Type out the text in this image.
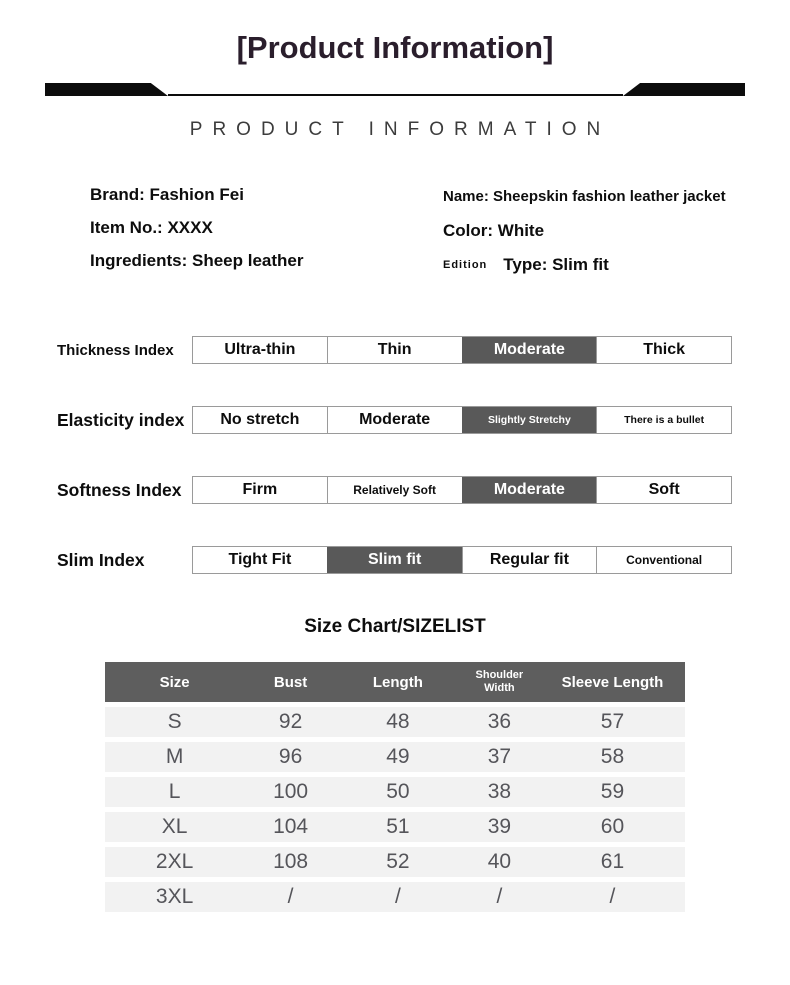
[Product Information]
PRODUCT INFORMATION

Brand: Fashion Fei

Item No.: XXXX

Ingredients: Sheep leather

Name: Sheepskin fashion leather jacket

Color: White

Edition Type: Slim fit

Thickness Index	Ultra-thin	Thin	Moderate	Thick
Elasticity index	No stretch	Moderate	Slightly Stretchy	There is a bullet
Softness Index	Firm	Relatively Soft	Moderate	Soft
Slim Index	Tight Fit	Slim fit	Regular fit	Conventional
Size Chart/SIZELIST
Size	Bust	Length	Shoulder Width	Sleeve Length
S	92	48	36	57
M	96	49	37	58
L	100	50	38	59
XL	104	51	39	60
2XL	108	52	40	61
3XL	/	/	/	/
